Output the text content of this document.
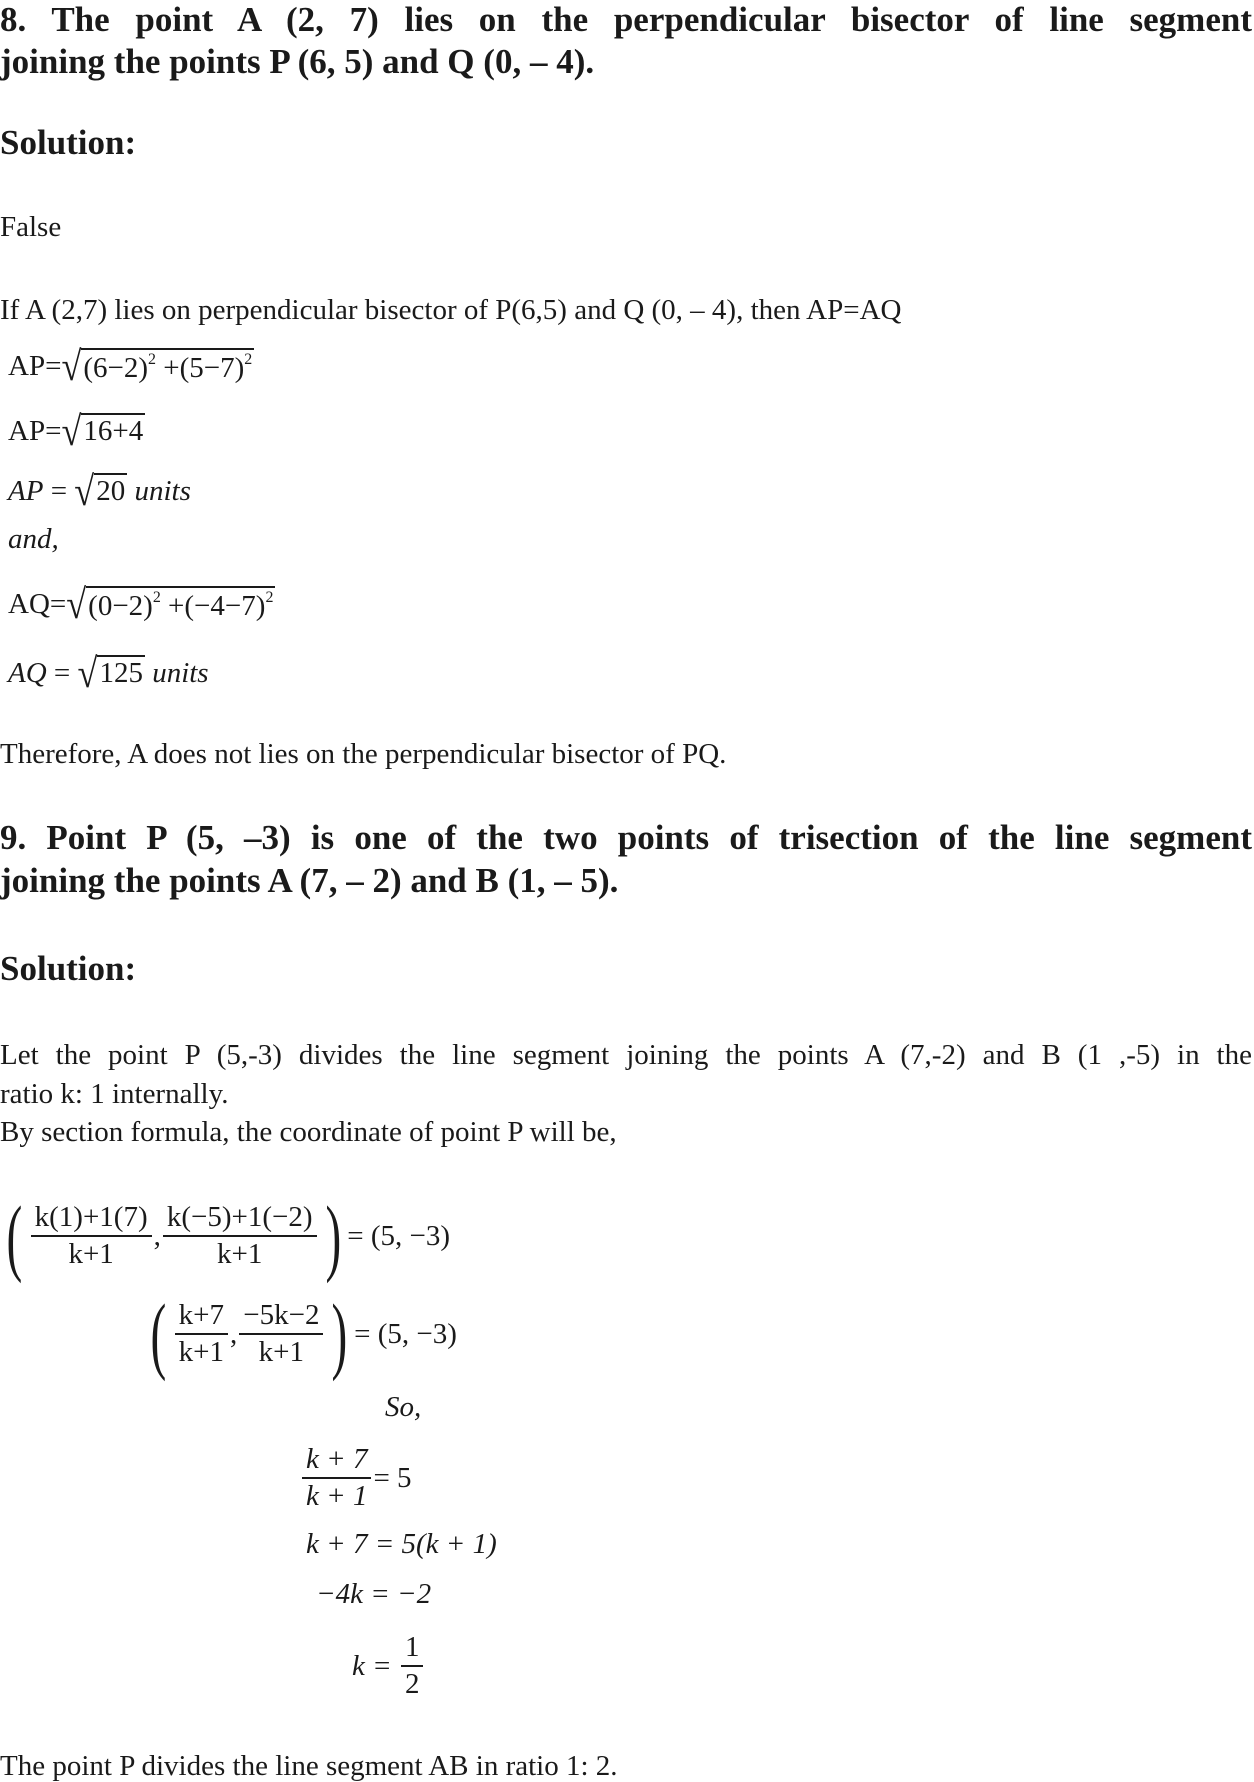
8. The point A (2, 7) lies on the perpendicular bisector of line segment
joining the points P (6, 5) and Q (0, – 4).
Solution:
False
If A (2,7) lies on perpendicular bisector of P(6,5) and Q (0, – 4), then AP=AQ
AP= √ $(6-2)^2 +(5-7)^2$
AP= √ 16+4
AP = √ 20 units
and,
AQ= √ $(0-2)^2 +(-4-7)^2$
AQ = √ 125 units
Therefore, A does not lies on the perpendicular bisector of PQ.
9. Point P (5, –3) is one of the two points of trisection of the line segment
joining the points A (7, – 2) and B (1, – 5).
Solution:
Let the point P (5,-3) divides the line segment joining the points A (7,-2) and B (1 ,-5) in the
ratio k: 1 internally.
By section formula, the coordinate of point P will be,
( $\frac{k(1)+1(7)}{k+1}$ , $\frac{k(-5)+1(-2)}{k+1}$ ) = (5, −3)
( $\frac{k+7}{k+1}$ , $\frac{-5k-2}{k+1}$ ) = (5, −3)
So,
$\frac{k + 7}{k + 1} = 5$
k + 7 = 5(k + 1)
−4k = −2
$k = \frac{1}{2}$
The point P divides the line segment AB in ratio 1: 2.
